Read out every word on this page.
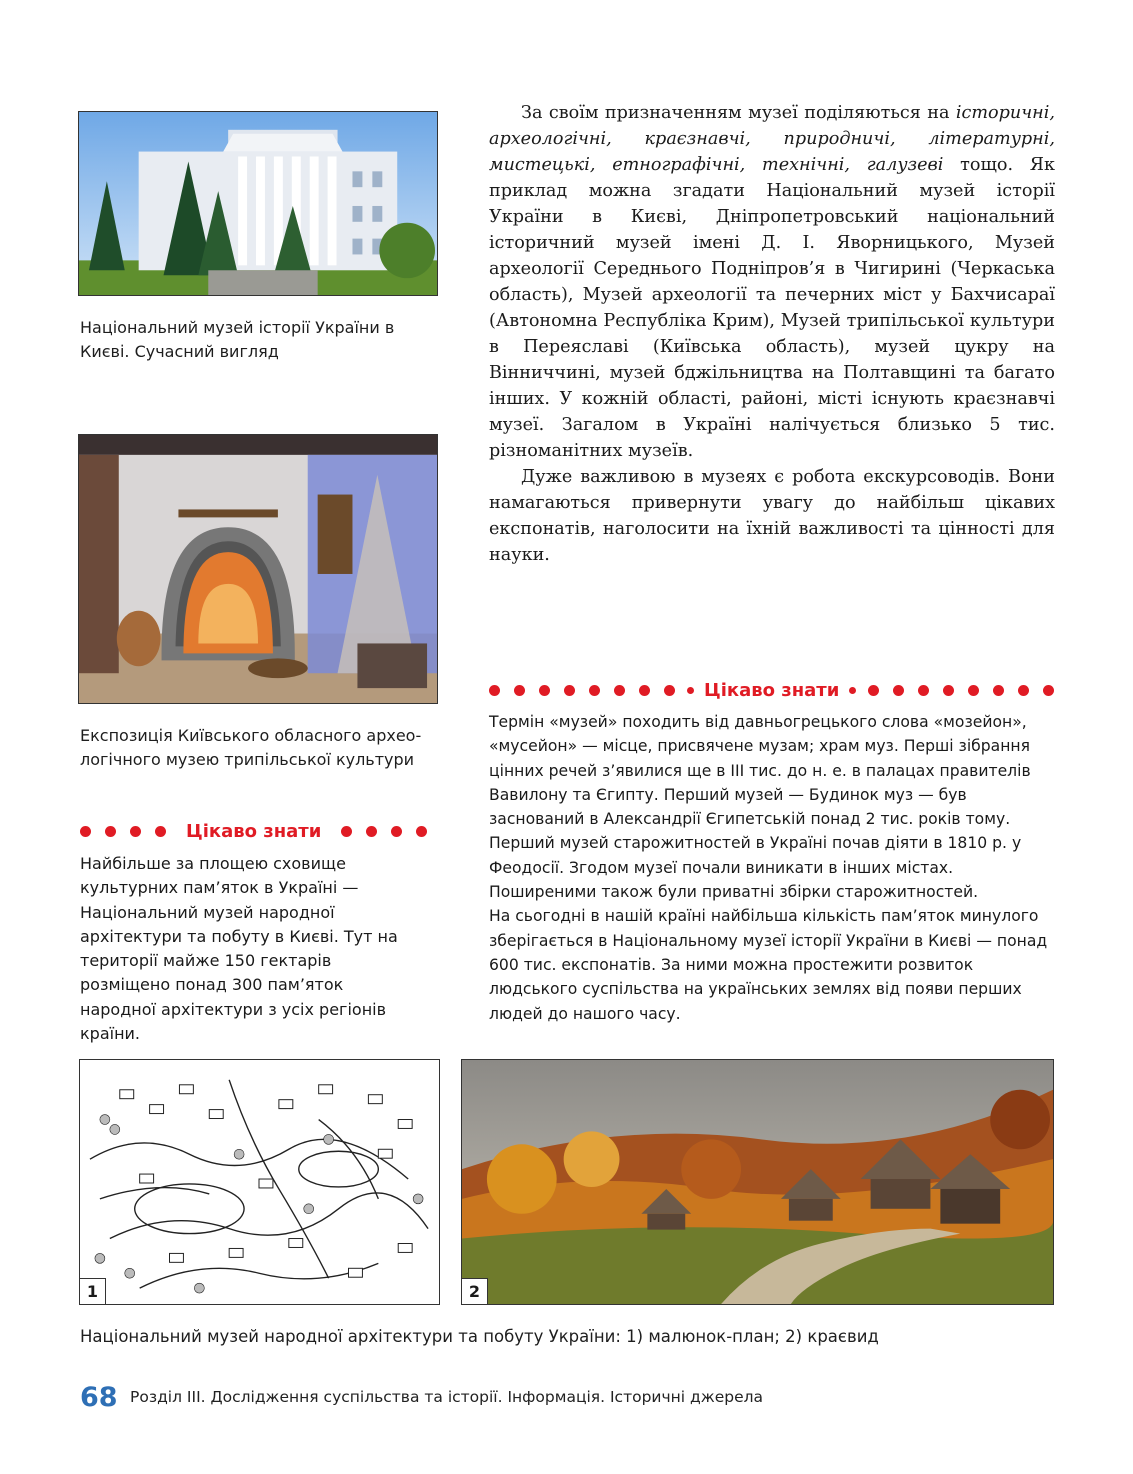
Національний музей історії України в Києві. Сучасний вигляд
Експозиція Київського обласного архео-логічного музею трипільської культури

За своїм призначенням музеї поділяються на історичні, археологічні, краєзнавчі, природничі, літературні, мистецькі, етнографічні, технічні, галузеві тощо. Як приклад можна згадати Національний музей історії України в Києві, Дніпропетровський національний історичний музей імені Д. І. Яворницького, Музей археології Середнього Подніпров’я в Чигирині (Черкаська область), Музей археології та печерних міст у Бахчисараї (Автономна Республіка Крим), Музей трипільської культури в Переяславі (Київська область), музей цукру на Вінниччині, музей бджільництва на Полтавщині та багато інших. У кожній області, районі, місті існують краєзнавчі музеї. Загалом в Україні налічується близько 5 тис. різноманітних музеїв.

Дуже важливою в музеях є робота екскурсоводів. Вони намагаються привернути увагу до найбільш цікавих експонатів, наголосити на їхній важливості та цінності для науки.

Цікаво знати
Термін «музей» походить від давньогрецького слова «мозейон», «мусейон» — місце, присвячене музам; храм муз. Перші зібрання цінних речей з’явилися ще в ІІІ тис. до н. е. в палацах правителів Вавилону та Єгипту. Перший музей — Будинок муз — був заснований в Александрії Єгипетській понад 2 тис. років тому. Перший музей старожитностей в Україні почав діяти в 1810 р. у Феодосії. Згодом музеї почали виникати в інших містах. Поширеними також були приватні збірки старожитностей.
На сьогодні в нашій країні найбільша кількість пам’яток минулого зберігається в Національному музеї історії України в Києві — понад 600 тис. експонатів. За ними можна простежити розвиток людського суспільства на українських землях від появи перших людей до нашого часу.
Цікаво знати
Найбільше за площею сховище культурних пам’яток в Україні — Національний музей народної архітектури та побуту в Києві. Тут на території майже 150 гектарів розміщено понад 300 пам’яток народної архітектури з усіх регіонів країни.
1	2
Національний музей народної архітектури та побуту України: 1) малюнок-план; 2) краєвид
68 Розділ ІІІ. Дослідження суспільства та історії. Інформація. Історичні джерела
